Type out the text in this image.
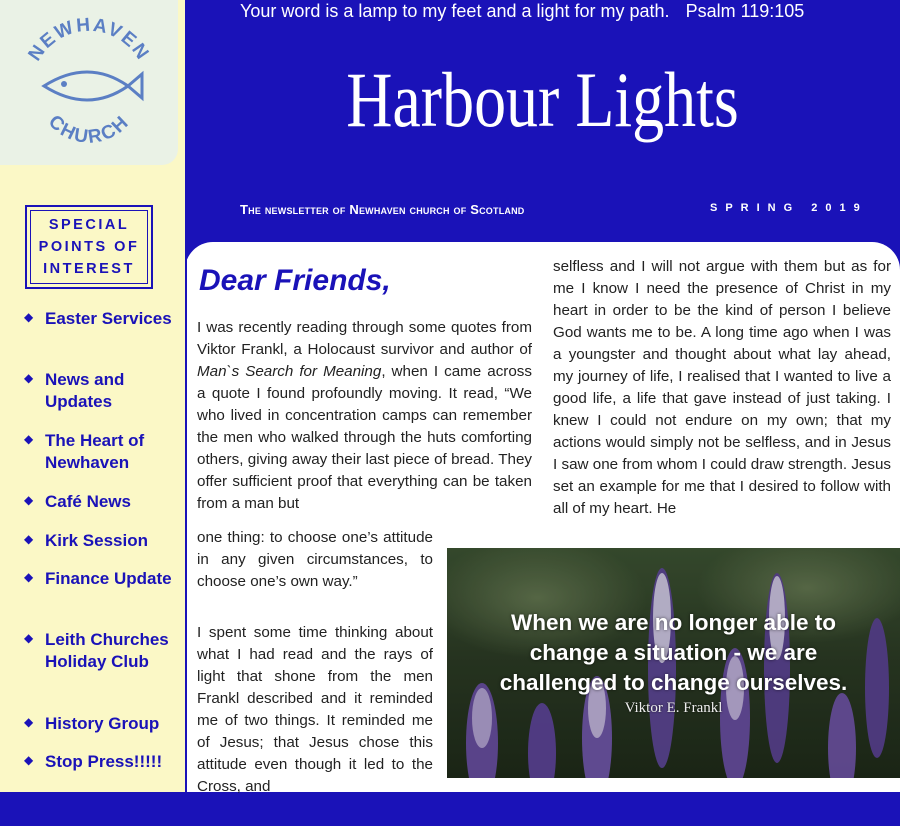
NEWHAVEN
CHURCH
SPECIAL
POINTS OF
INTEREST
◆ Easter Services
◆ News and Updates
◆ The Heart of Newhaven
◆ Café News
◆ Kirk Session
◆ Finance Update
◆ Leith Churches Holiday Club
◆ History Group
◆ Stop Press!!!!!
Your word is a lamp to my feet and a light for my path. Psalm 119:105
Harbour Lights
The newsletter of Newhaven church of Scotland	SPRING 2019
Dear Friends,

I was recently reading through some quotes from Viktor Frankl, a Holocaust survivor and author of Man`s Search for Meaning, when I came across a quote I found profoundly moving. It read, “We who lived in concentration camps can remember the men who walked through the huts comforting others, giving away their last piece of bread. They offer sufficient proof that everything can be taken from a man but

one thing: to choose one’s attitude in any given circumstances, to choose one’s own way.”

I spent some time thinking about what I had read and the rays of light that shone from the men Frankl described and it reminded me of two things. It reminded me of Jesus; that Jesus chose this attitude even though it led to the Cross, and

selfless and I will not argue with them but as for me I know I need the presence of Christ in my heart in order to be the kind of person I believe God wants me to be. A long time ago when I was a youngster and thought about what lay ahead, my journey of life, I realised that I wanted to live a good life, a life that gave instead of just taking. I knew I could not endure on my own; that my actions would simply not be selfless, and in Jesus I saw one from whom I could draw strength. Jesus set an example for me that I desired to follow with all of my heart. He

When we are no longer able to
change a situation - we are
challenged to change ourselves.
Viktor E. Frankl
